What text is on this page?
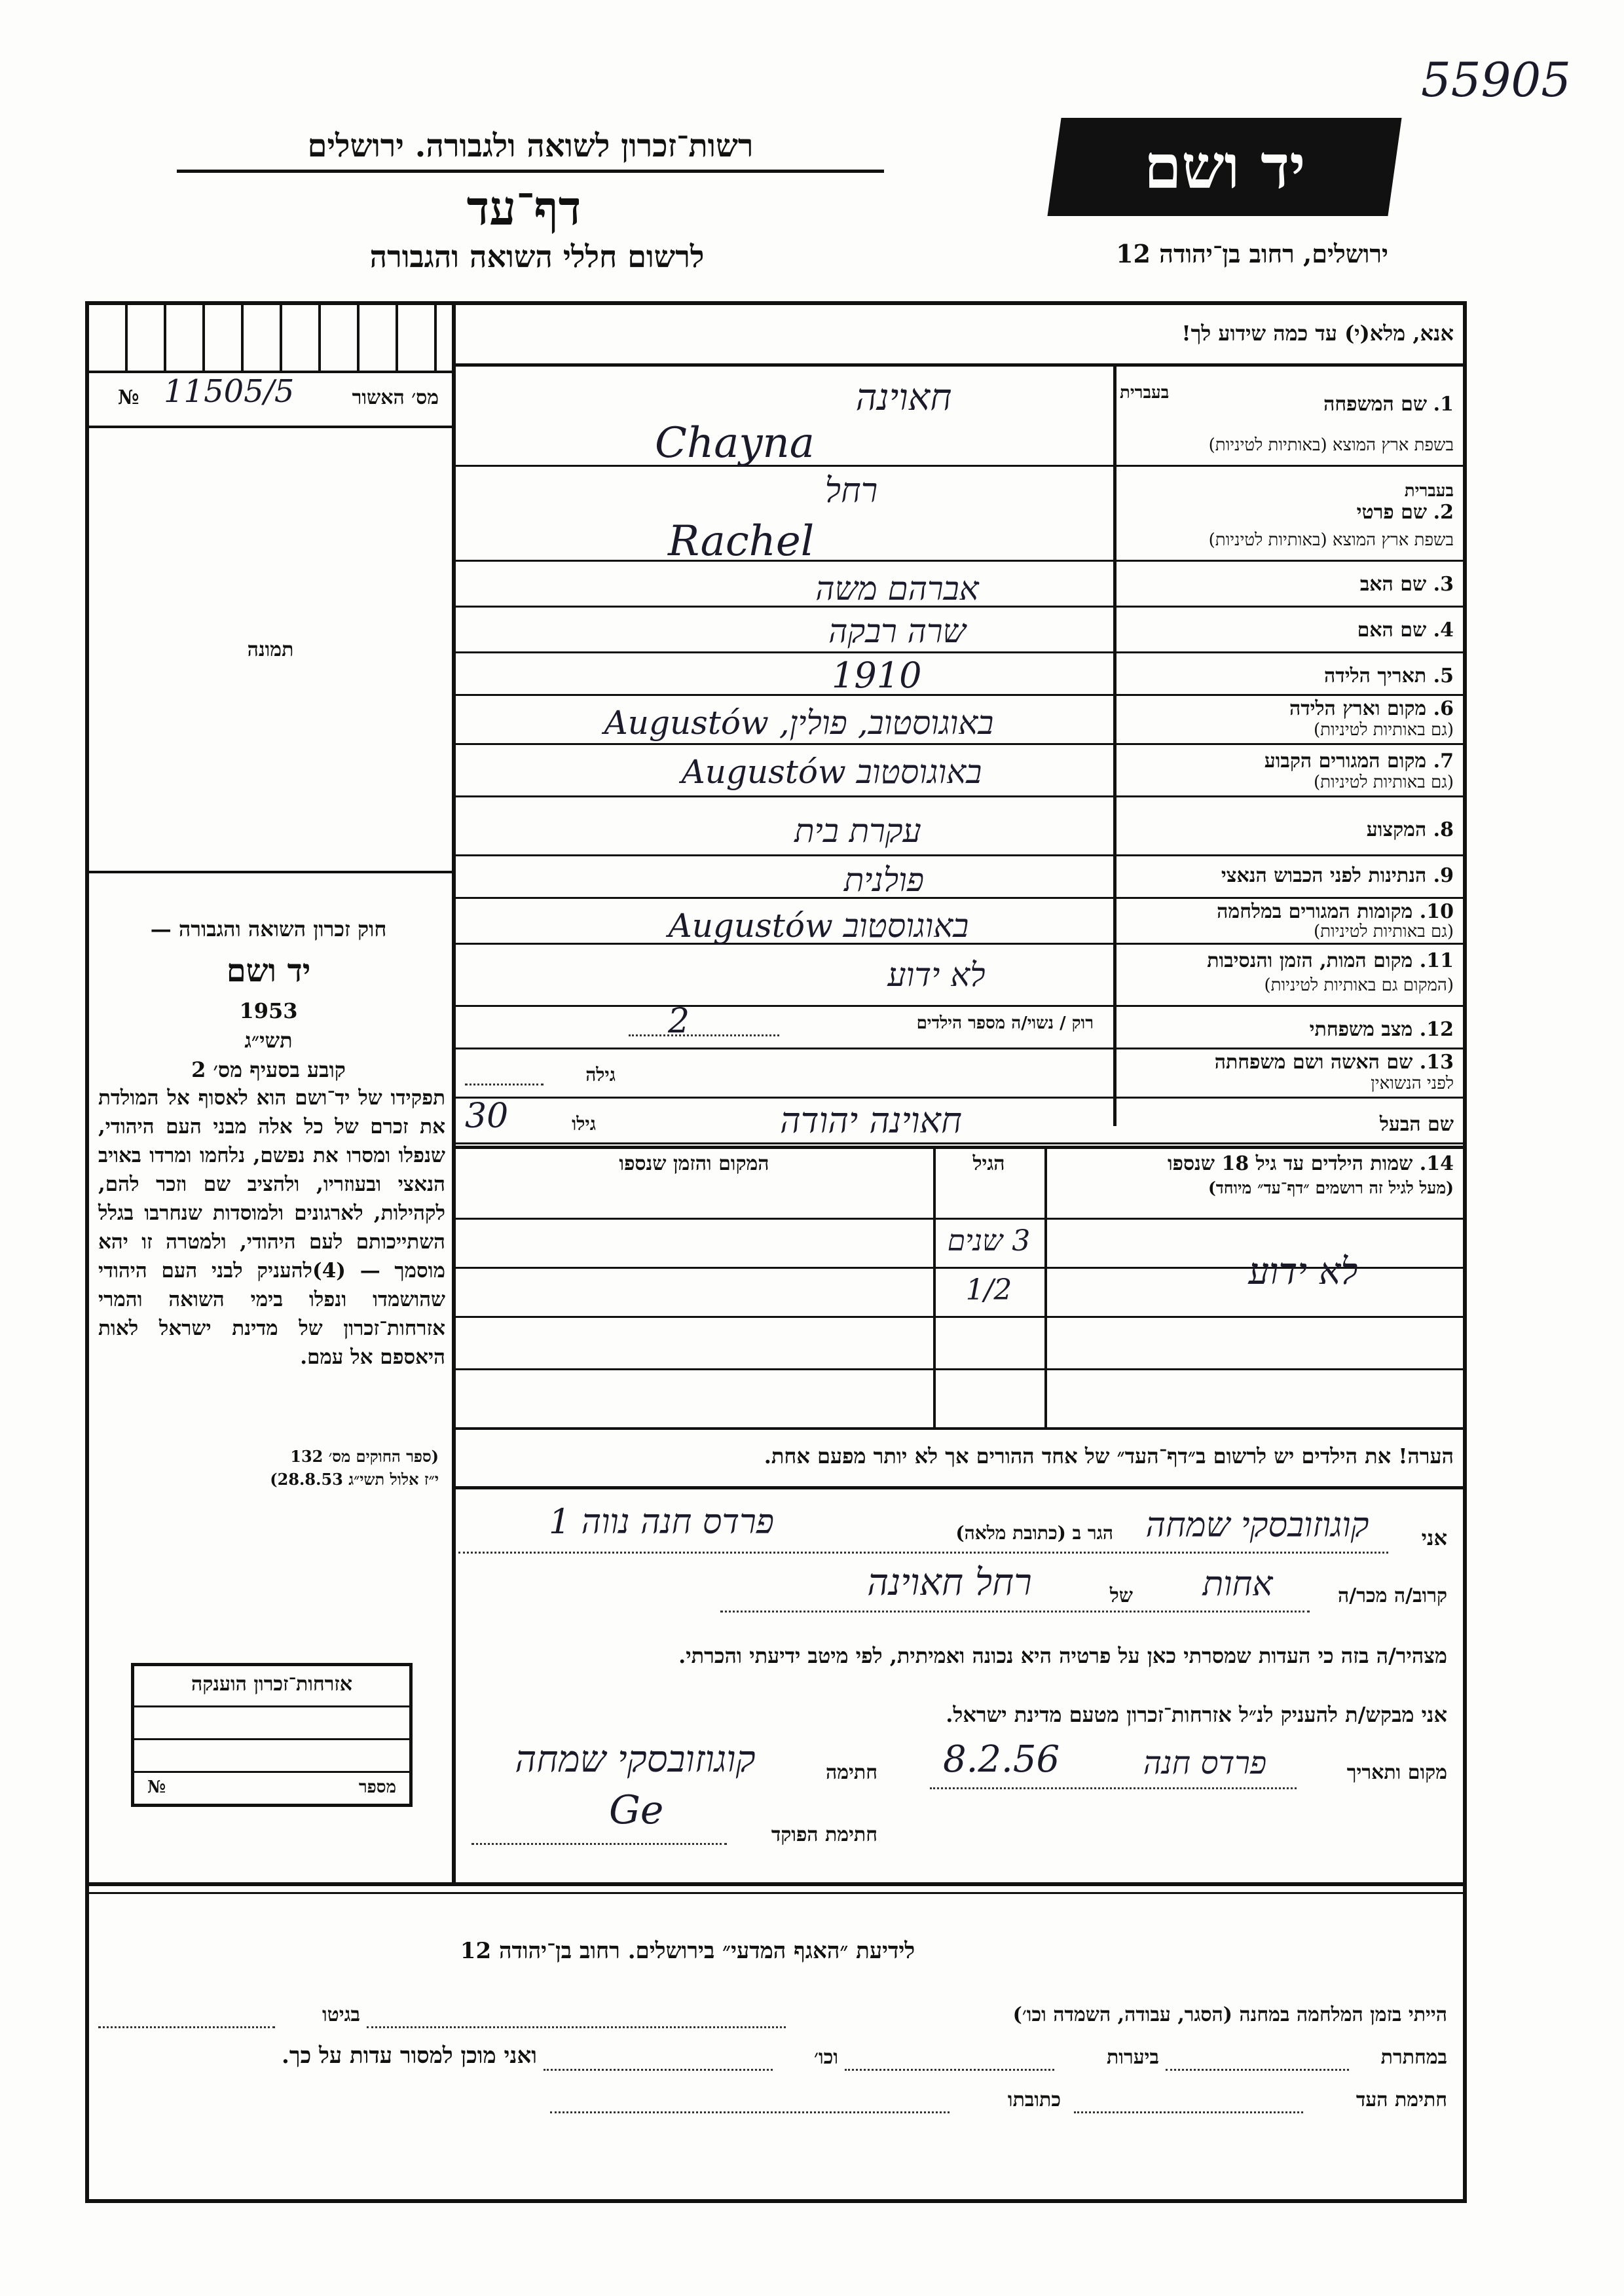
55905
רשות־זכרון לשואה ולגבורה. ירושלים
דף־עד
לרשום חללי השואה והגבורה
יד ושם
ירושלים, רחוב בן־יהודה 12
מס׳ האשור
11505/5
№
תמונה
חוק זכרון השואה והגבורה —
יד ושם
1953
תשי״ג
קובע בסעיף מס׳ 2
תפקידו של יד־ושם הוא לאסוף אל המולדת את זכרם של כל אלה מבני העם היהודי, שנפלו ומסרו את נפשם, נלחמו ומרדו באויב הנאצי ובעוזריו, ולהציב שם וזכר להם, לקהילות, לארגונים ולמוסדות שנחרבו בגלל השתייכותם לעם היהודי, ולמטרה זו יהא מוסמך — (4)להעניק לבני העם היהודי שהושמדו ונפלו בימי השואה והמרי אזרחות־זכרון של מדינת ישראל לאות היאספם אל עמם.
(ספר החוקים מס׳ 132
י״ז אלול תשי״ג 28.8.53)
אנא, מלא(י) עד כמה שידוע לך!
1. שם המשפחה
בעברית
בשפת ארץ המוצא (באותיות לטיניות)
2. שם פרטי
בעברית
בשפת ארץ המוצא (באותיות לטיניות)
3. שם האב
4. שם האם
5. תאריך הלידה
6. מקום וארץ הלידה
(גם באותיות לטיניות)
7. מקום המגורים הקבוע
(גם באותיות לטיניות)
8. המקצוע
9. הנתינות לפני הכבוש הנאצי
10. מקומות המגורים במלחמה
(גם באותיות לטיניות)
11. מקום המות, הזמן והנסיבות
(המקום גם באותיות לטיניות)
12. מצב משפחתי
13. שם האשה ושם משפחתה
לפני הנשואין
שם הבעל
חאוינה
Chayna
רחל
Rachel
אברהם משה
שרה רבקה
1910
באוגוסטוב, פולין, Augustów
באוגוסטוב Augustów
עקרת בית
פולנית
באוגוסטוב Augustów
לא ידוע
רוק / נשוי/ה מספר הילדים
2
גילה
גילו
30	חאוינה יהודה
14. שמות הילדים עד גיל 18 שנספו
(מעל לגיל זה רושמים ״דף־עד״ מיוחד)
הגיל
המקום והזמן שנספו
לא ידוע
3 שנים
1/2
הערה! את הילדים יש לרשום ב״דף־העד״ של אחד ההורים אך לא יותר מפעם אחת.
אני
קוגוזובסקי שמחה
הגר ב (כתובת מלאה)
פרדס חנה נווה 1
קרוב/ה מכר/ה
אחות
של
רחל חאוינה
מצהיר/ה בזה כי העדות שמסרתי כאן על פרטיה היא נכונה ואמיתית, לפי מיטב ידיעתי והכרתי.
אני מבקש/ת להעניק לנ״ל אזרחות־זכרון מטעם מדינת ישראל.
מקום ותאריך
פרדס חנה
8.2.56
חתימה
קוגוזובסקי שמחה
Ge
חתימת הפוקד
אזרחות־זכרון הוענקה
מספר
№
לידיעת ״האגף המדעי״ בירושלים. רחוב בן־יהודה 12
הייתי בזמן המלחמה במחנה (הסגר, עבודה, השמדה וכו׳)
בגיטו
במחתרת
ביערות
וכו׳
ואני מוכן למסור עדות על כך.
חתימת העד
כתובתו
